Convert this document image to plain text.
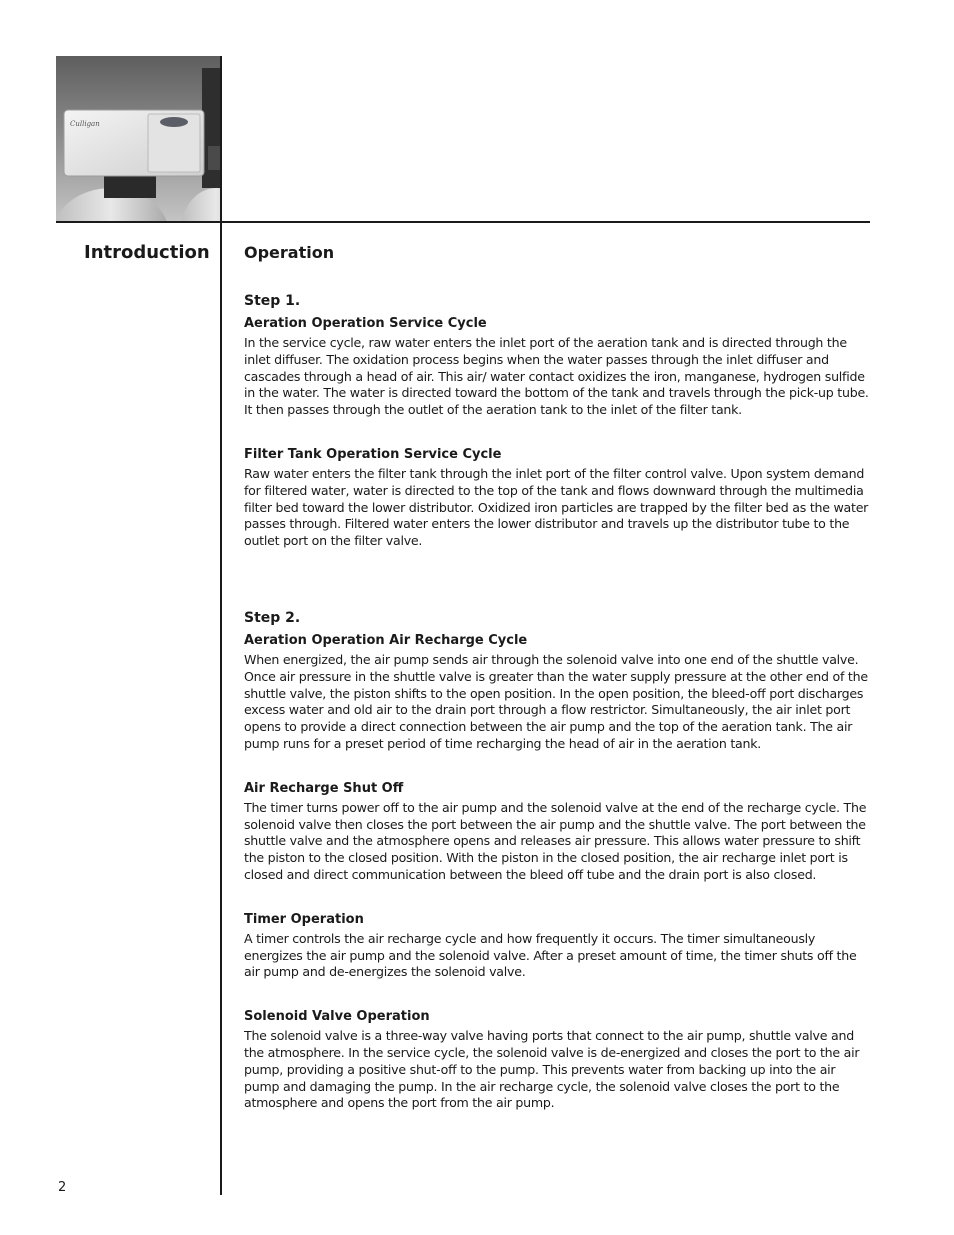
Culligan
Introduction Operation
Step 1.
Aeration Operation Service Cycle

In the service cycle, raw water enters the inlet port of the aeration tank and is directed through the inlet diffuser. The oxidation process begins when the water passes through the inlet diffuser and cascades through a head of air. This air/ water contact oxidizes the iron, manganese, hydrogen sulfide in the water. The water is directed toward the bottom of the tank and travels through the pick-up tube. It then passes through the outlet of the aeration tank to the inlet of the filter tank.

Filter Tank Operation Service Cycle

Raw water enters the filter tank through the inlet port of the filter control valve. Upon system demand for filtered water, water is directed to the top of the tank and flows downward through the multimedia filter bed toward the lower distributor. Oxidized iron particles are trapped by the filter bed as the water passes through. Filtered water enters the lower distributor and travels up the distributor tube to the outlet port on the filter valve.

Step 2.
Aeration Operation Air Recharge Cycle

When energized, the air pump sends air through the solenoid valve into one end of the shuttle valve. Once air pressure in the shuttle valve is greater than the water supply pressure at the other end of the shuttle valve, the piston shifts to the open position. In the open position, the bleed-off port discharges excess water and old air to the drain port through a flow restrictor. Simultaneously, the air inlet port opens to provide a direct connection between the air pump and the top of the aeration tank. The air pump runs for a preset period of time recharging the head of air in the aeration tank.

Air Recharge Shut Off

The timer turns power off to the air pump and the solenoid valve at the end of the recharge cycle. The solenoid valve then closes the port between the air pump and the shuttle valve. The port between the shuttle valve and the atmosphere opens and releases air pressure. This allows water pressure to shift the piston to the closed position. With the piston in the closed position, the air recharge inlet port is closed and direct communication between the bleed off tube and the drain port is also closed.

Timer Operation

A timer controls the air recharge cycle and how frequently it occurs. The timer simultaneously energizes the air pump and the solenoid valve. After a preset amount of time, the timer shuts off the air pump and de-energizes the solenoid valve.

Solenoid Valve Operation

The solenoid valve is a three-way valve having ports that connect to the air pump, shuttle valve and the atmosphere. In the service cycle, the solenoid valve is de-energized and closes the port to the air pump, providing a positive shut-off to the pump. This prevents water from backing up into the air pump and damaging the pump. In the air recharge cycle, the solenoid valve closes the port to the atmosphere and opens the port from the air pump.

2
